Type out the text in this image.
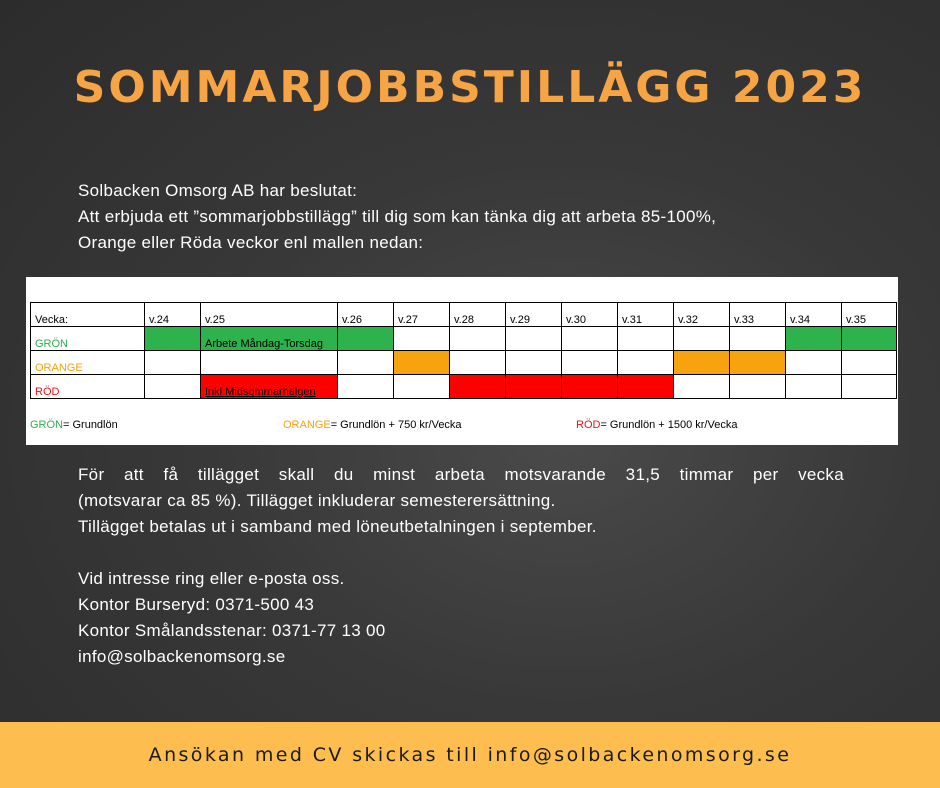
SOMMARJOBBSTILLÄGG 2023
Solbacken Omsorg AB har beslutat:
Att erbjuda ett ”sommarjobbstillägg” till dig som kan tänka dig att arbeta 85-100%,
Orange eller Röda veckor enl mallen nedan:
Vecka:	v.24	v.25	v.26	v.27	v.28	v.29	v.30	v.31	v.32	v.33	v.34	v.35
GRÖN		Arbete Måndag-Torsdag										
ORANGE												
RÖD		Inkl Midsommarhelgen										
GRÖN= Grundlön	ORANGE= Grundlön + 750 kr/Vecka	RÖD= Grundlön + 1500 kr/Vecka
För att få tillägget skall du minst arbeta motsvarande 31,5 timmar per vecka
(motsvarar ca 85 %). Tillägget inkluderar semesterersättning.
Tillägget betalas ut i samband med löneutbetalningen i september.
Vid intresse ring eller e-posta oss.
Kontor Burseryd: 0371-500 43
Kontor Smålandsstenar: 0371-77 13 00
info@solbackenomsorg.se
Ansökan med CV skickas till info@solbackenomsorg.se
